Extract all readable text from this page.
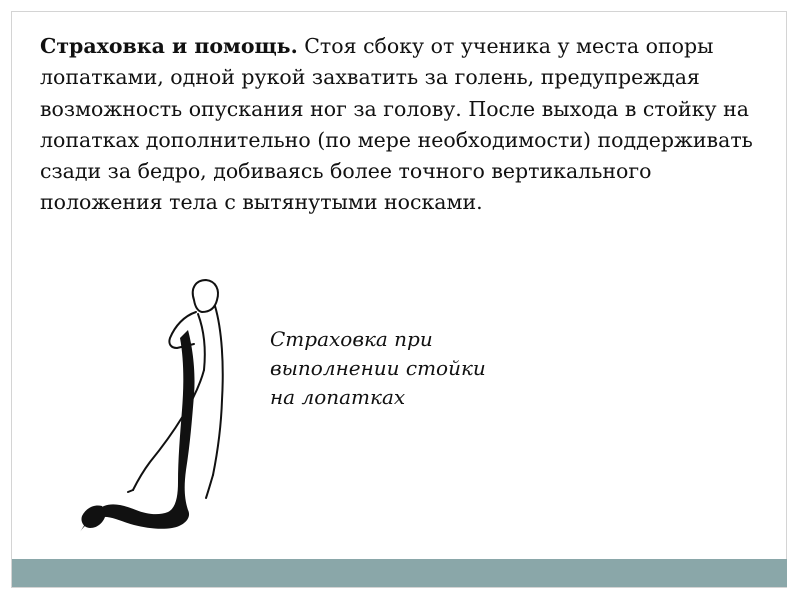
Страховка и помощь. Стоя сбоку от ученика у места опоры лопатками, одной рукой захватить за голень, предупреждая возможность опускания ног за голову. После выхода в стойку на лопатках дополнительно (по мере необходимости) поддерживать сзади за бедро, добиваясь более точного вертикального положения тела с вытянутыми носками.

Страховка при
выполнении стойки
на лопатках
